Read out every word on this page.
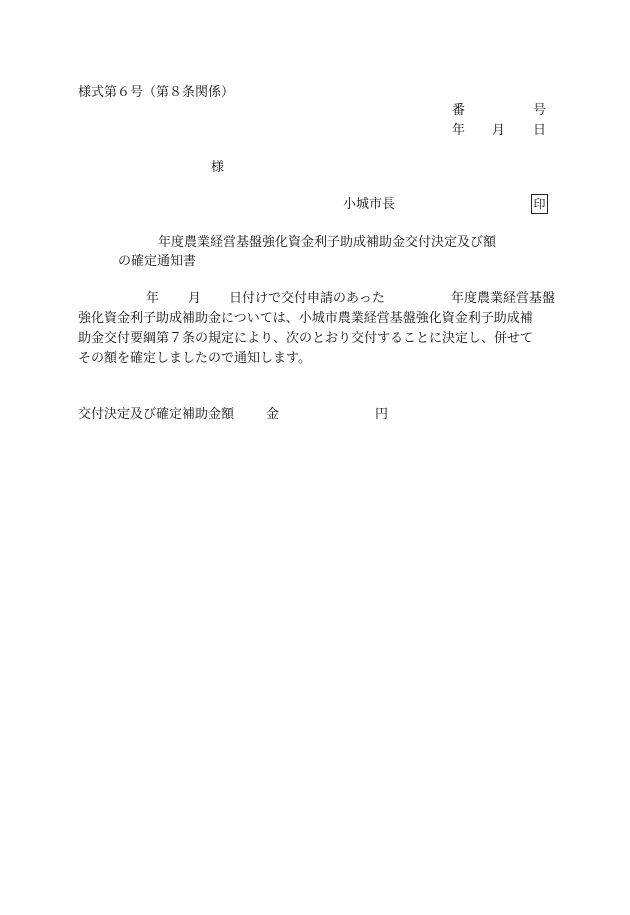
様式第６号（第８条関係）
番	号
年 月 日
様
小城市長	印
年度農業経営基盤強化資金利子助成補助金交付決定及び額
の確定通知書
年 月 日付けで交付申請のあった	年度農業経営基盤
強化資金利子助成補助金については、小城市農業経営基盤強化資金利子助成補
助金交付要綱第７条の規定により、次のとおり交付することに決定し、併せて
その額を確定しましたので通知します。
交付決定及び確定補助金額 金	円
